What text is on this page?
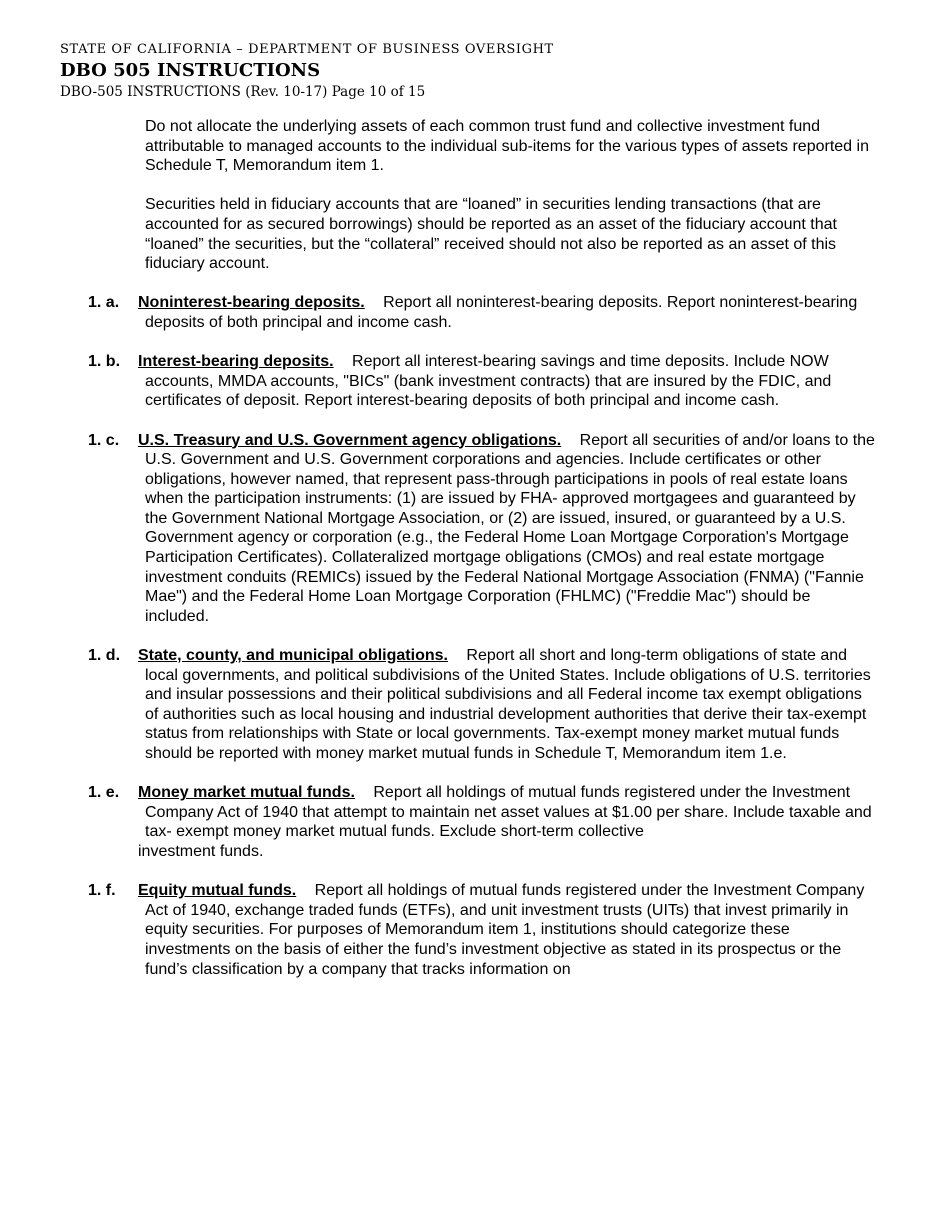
STATE OF CALIFORNIA – DEPARTMENT OF BUSINESS OVERSIGHT
DBO 505 INSTRUCTIONS
DBO-505 INSTRUCTIONS (Rev. 10-17) Page 10 of 15
Do not allocate the underlying assets of each common trust fund and collective investment fund attributable to managed accounts to the individual sub-items for the various types of assets reported in Schedule T, Memorandum item 1.
Securities held in fiduciary accounts that are “loaned” in securities lending transactions (that are accounted for as secured borrowings) should be reported as an asset of the fiduciary account that “loaned” the securities, but the “collateral” received should not also be reported as an asset of this fiduciary account.
1. a. Noninterest-bearing deposits. Report all noninterest-bearing deposits. Report noninterest-bearing deposits of both principal and income cash.
1. b. Interest-bearing deposits. Report all interest-bearing savings and time deposits. Include NOW accounts, MMDA accounts, "BICs" (bank investment contracts) that are insured by the FDIC, and certificates of deposit. Report interest-bearing deposits of both principal and income cash.
1. c. U.S. Treasury and U.S. Government agency obligations. Report all securities of and/or loans to the U.S. Government and U.S. Government corporations and agencies. Include certificates or other obligations, however named, that represent pass-through participations in pools of real estate loans when the participation instruments: (1) are issued by FHA- approved mortgagees and guaranteed by the Government National Mortgage Association, or (2) are issued, insured, or guaranteed by a U.S. Government agency or corporation (e.g., the Federal Home Loan Mortgage Corporation's Mortgage Participation Certificates). Collateralized mortgage obligations (CMOs) and real estate mortgage investment conduits (REMICs) issued by the Federal National Mortgage Association (FNMA) ("Fannie Mae") and the Federal Home Loan Mortgage Corporation (FHLMC) ("Freddie Mac") should be included.
1. d. State, county, and municipal obligations. Report all short and long-term obligations of state and local governments, and political subdivisions of the United States. Include obligations of U.S. territories and insular possessions and their political subdivisions and all Federal income tax exempt obligations of authorities such as local housing and industrial development authorities that derive their tax-exempt status from relationships with State or local governments. Tax-exempt money market mutual funds should be reported with money market mutual funds in Schedule T, Memorandum item 1.e.
1. e. Money market mutual funds. Report all holdings of mutual funds registered under the Investment Company Act of 1940 that attempt to maintain net asset values at $1.00 per share. Include taxable and tax- exempt money market mutual funds. Exclude short-term collective
investment funds.
1. f. Equity mutual funds. Report all holdings of mutual funds registered under the Investment Company Act of 1940, exchange traded funds (ETFs), and unit investment trusts (UITs) that invest primarily in equity securities. For purposes of Memorandum item 1, institutions should categorize these investments on the basis of either the fund’s investment objective as stated in its prospectus or the fund’s classification by a company that tracks information on
